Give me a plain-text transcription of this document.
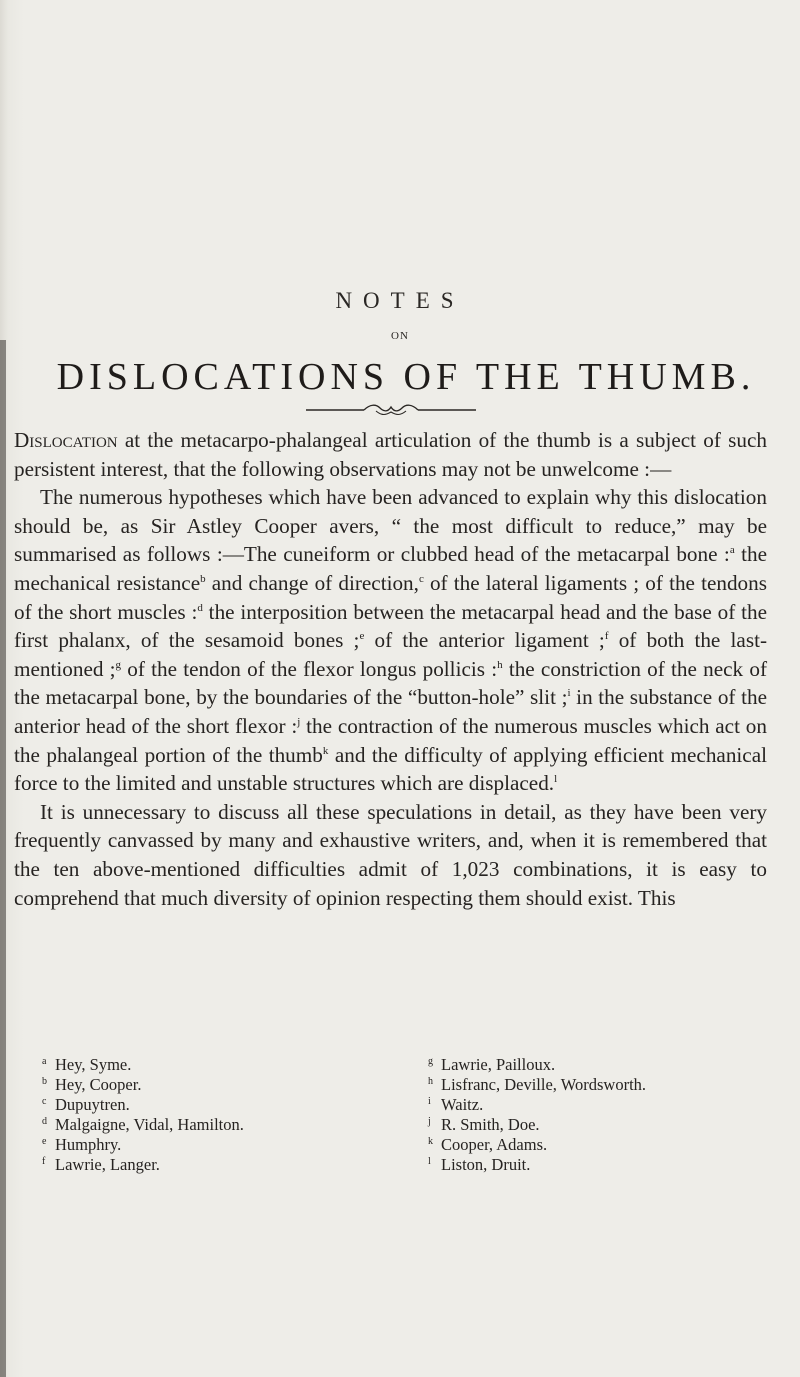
NOTES
ON
DISLOCATIONS OF THE THUMB.

Dislocation at the metacarpo-phalangeal articulation of the thumb is a subject of such persistent interest, that the following observations may not be unwelcome :—

The numerous hypotheses which have been advanced to explain why this dislocation should be, as Sir Astley Cooper avers, “ the most difficult to reduce,” may be summarised as follows :—The cuneiform or clubbed head of the metacarpal bone :$^a$ the mechanical resistance$^b$ and change of direction,$^c$ of the lateral ligaments ; of the tendons of the short muscles :$^d$ the interposition between the metacarpal head and the base of the first phalanx, of the sesamoid bones ;$^e$ of the anterior ligament ;$^f$ of both the last-mentioned ;$^g$ of the tendon of the flexor longus pollicis :$^h$ the constriction of the neck of the metacarpal bone, by the boundaries of the “button-hole” slit ;$^i$ in the substance of the anterior head of the short flexor :$^j$ the contraction of the numerous muscles which act on the phalangeal portion of the thumb$^k$ and the difficulty of applying efficient mechanical force to the limited and unstable structures which are displaced.$^l$

It is unnecessary to discuss all these speculations in detail, as they have been very frequently canvassed by many and exhaustive writers, and, when it is remembered that the ten above-mentioned difficulties admit of 1,023 combinations, it is easy to comprehend that much diversity of opinion respecting them should exist. This

a Hey, Syme.
b Hey, Cooper.
c Dupuytren.
d Malgaigne, Vidal, Hamilton.
e Humphry.
f Lawrie, Langer.
g Lawrie, Pailloux.
h Lisfranc, Deville, Wordsworth.
i Waitz.
j R. Smith, Doe.
k Cooper, Adams.
l Liston, Druit.
